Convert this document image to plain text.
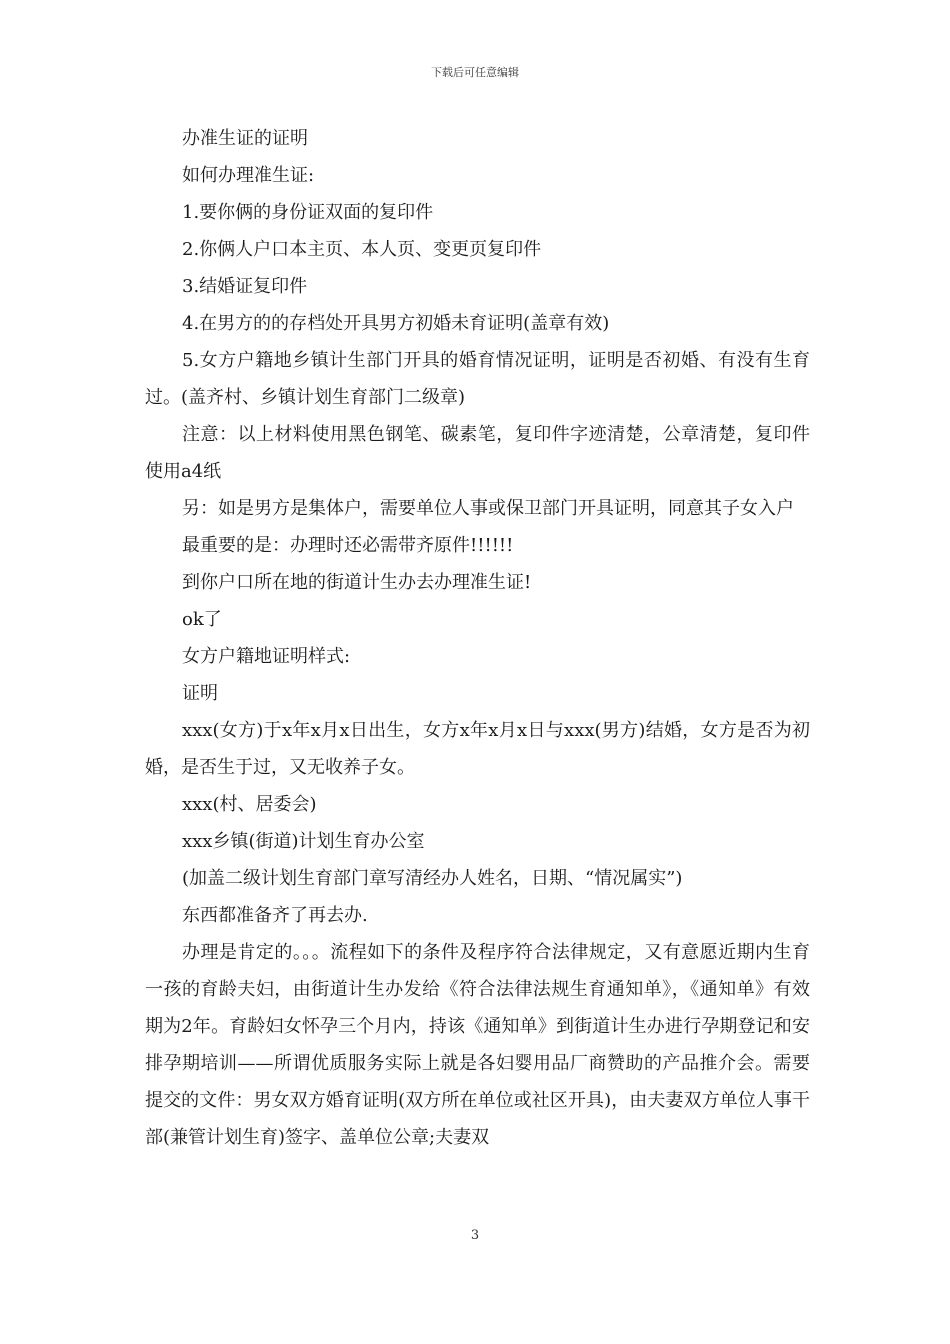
下载后可任意编辑

办准生证的证明

如何办理准生证:

1.要你俩的身份证双面的复印件

2.你俩人户口本主页、本人页、变更页复印件

3.结婚证复印件

4.在男方的的存档处开具男方初婚未育证明(盖章有效)

5.女方户籍地乡镇计生部门开具的婚育情况证明，证明是否初婚、有没有生育过。(盖齐村、乡镇计划生育部门二级章)

注意：以上材料使用黑色钢笔、碳素笔，复印件字迹清楚，公章清楚，复印件使用a4纸

另：如是男方是集体户，需要单位人事或保卫部门开具证明，同意其子女入户

最重要的是：办理时还必需带齐原件!!!!!!

到你户口所在地的街道计生办去办理准生证!

ok了

女方户籍地证明样式:

证明

xxx(女方)于x年x月x日出生，女方x年x月x日与xxx(男方)结婚，女方是否为初婚，是否生于过，又无收养子女。

xxx(村、居委会)

xxx乡镇(街道)计划生育办公室

(加盖二级计划生育部门章写清经办人姓名，日期、“情况属实”)

东西都准备齐了再去办.

办理是肯定的。。。流程如下的条件及程序符合法律规定，又有意愿近期内生育一孩的育龄夫妇，由街道计生办发给《符合法律法规生育通知单》，《通知单》有效期为2年。育龄妇女怀孕三个月内，持该《通知单》到街道计生办进行孕期登记和安排孕期培训——所谓优质服务实际上就是各妇婴用品厂商赞助的产品推介会。需要提交的文件：男女双方婚育证明(双方所在单位或社区开具)，由夫妻双方单位人事干部(兼管计划生育)签字、盖单位公章;夫妻双

3
